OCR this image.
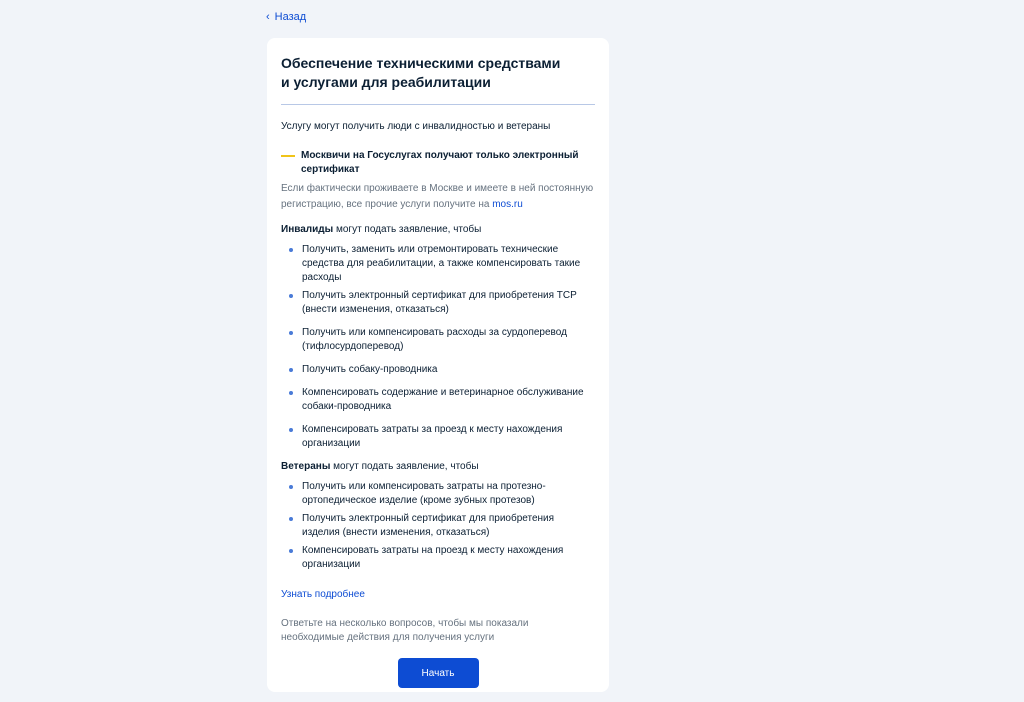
‹ Назад
Обеспечение техническими средствами
и услугами для реабилитации
Услугу могут получить люди с инвалидностью и ветераны
Москвичи на Госуслугах получают только электронный сертификат
Если фактически проживаете в Москве и имеете в ней постоянную регистрацию, все прочие услуги получите на mos.ru
Инвалиды могут подать заявление, чтобы
Получить, заменить или отремонтировать технические средства для реабилитации, а также компенсировать такие расходы
Получить электронный сертификат для приобретения ТСР (внести изменения, отказаться)
Получить или компенсировать расходы за сурдоперевод (тифлосурдоперевод)
Получить собаку-проводника
Компенсировать содержание и ветеринарное обслуживание собаки-проводника
Компенсировать затраты за проезд к месту нахождения организации
Ветераны могут подать заявление, чтобы
Получить или компенсировать затраты на протезно-ортопедическое изделие (кроме зубных протезов)
Получить электронный сертификат для приобретения изделия (внести изменения, отказаться)
Компенсировать затраты на проезд к месту нахождения организации
Узнать подробнее
Ответьте на несколько вопросов, чтобы мы показали необходимые действия для получения услуги
Начать
